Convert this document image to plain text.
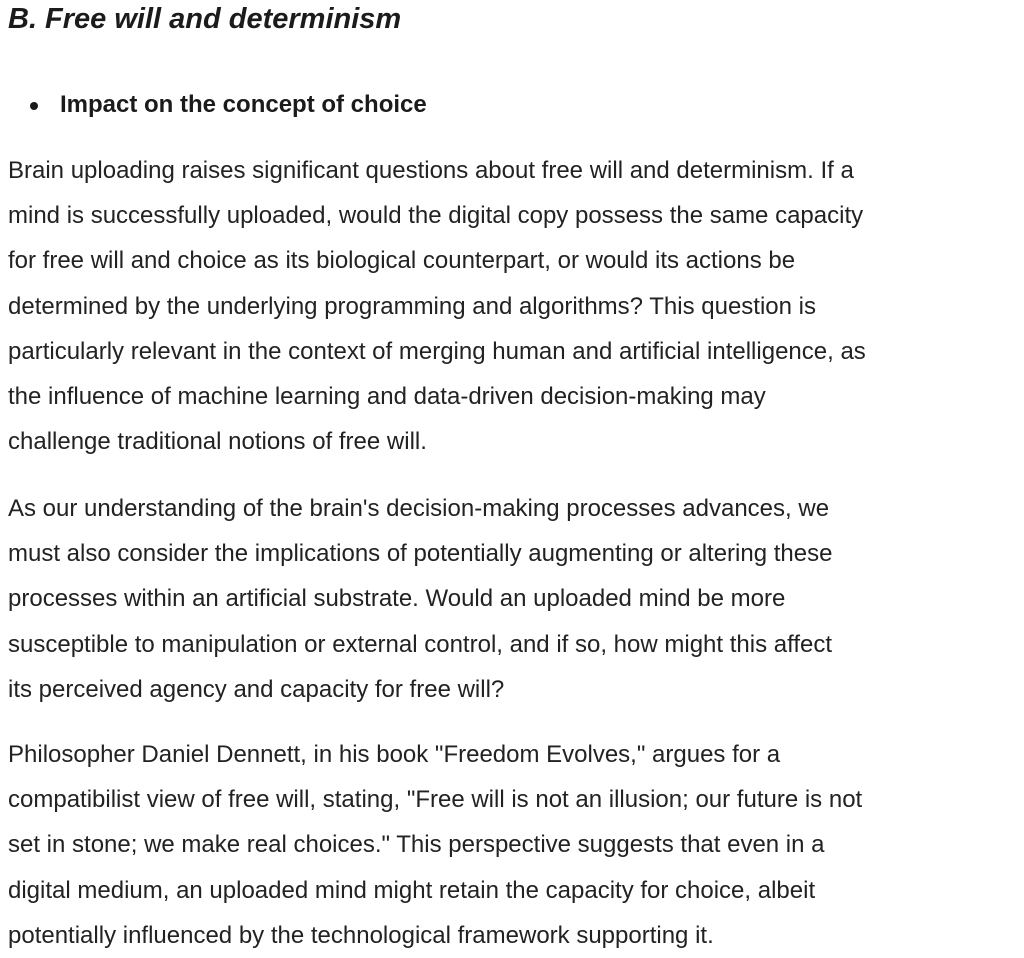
B. Free will and determinism
Impact on the concept of choice

Brain uploading raises significant questions about free will and determinism. If a
mind is successfully uploaded, would the digital copy possess the same capacity
for free will and choice as its biological counterpart, or would its actions be
determined by the underlying programming and algorithms? This question is
particularly relevant in the context of merging human and artificial intelligence, as
the influence of machine learning and data-driven decision-making may
challenge traditional notions of free will.

As our understanding of the brain's decision-making processes advances, we
must also consider the implications of potentially augmenting or altering these
processes within an artificial substrate. Would an uploaded mind be more
susceptible to manipulation or external control, and if so, how might this affect
its perceived agency and capacity for free will?

Philosopher Daniel Dennett, in his book "Freedom Evolves," argues for a
compatibilist view of free will, stating, "Free will is not an illusion; our future is not
set in stone; we make real choices." This perspective suggests that even in a
digital medium, an uploaded mind might retain the capacity for choice, albeit
potentially influenced by the technological framework supporting it.
